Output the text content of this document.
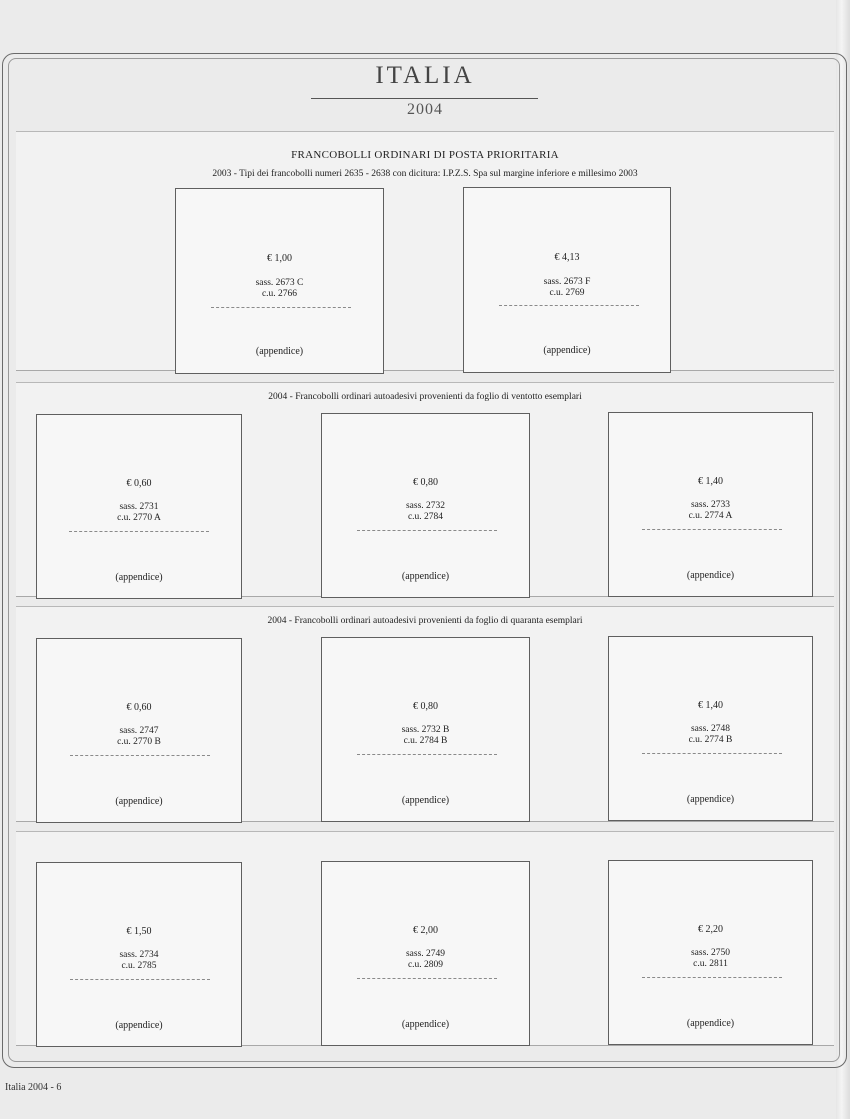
ITALIA
2004
FRANCOBOLLI ORDINARI DI POSTA PRIORITARIA
2003 - Tipi dei francobolli numeri 2635 - 2638 con dicitura: I.P.Z.S. Spa sul margine inferiore e millesimo 2003
€ 1,00
sass. 2673 C
c.u. 2766
(appendice)
€ 4,13
sass. 2673 F
c.u. 2769
(appendice)
2004 - Francobolli ordinari autoadesivi provenienti da foglio di ventotto esemplari
€ 0,60
sass. 2731
c.u. 2770 A
(appendice)
€ 0,80
sass. 2732
c.u. 2784
(appendice)
€ 1,40
sass. 2733
c.u. 2774 A
(appendice)
2004 - Francobolli ordinari autoadesivi provenienti da foglio di quaranta esemplari
€ 0,60
sass. 2747
c.u. 2770 B
(appendice)
€ 0,80
sass. 2732 B
c.u. 2784 B
(appendice)
€ 1,40
sass. 2748
c.u. 2774 B
(appendice)
€ 1,50
sass. 2734
c.u. 2785
(appendice)
€ 2,00
sass. 2749
c.u. 2809
(appendice)
€ 2,20
sass. 2750
c.u. 2811
(appendice)
Italia 2004 - 6
